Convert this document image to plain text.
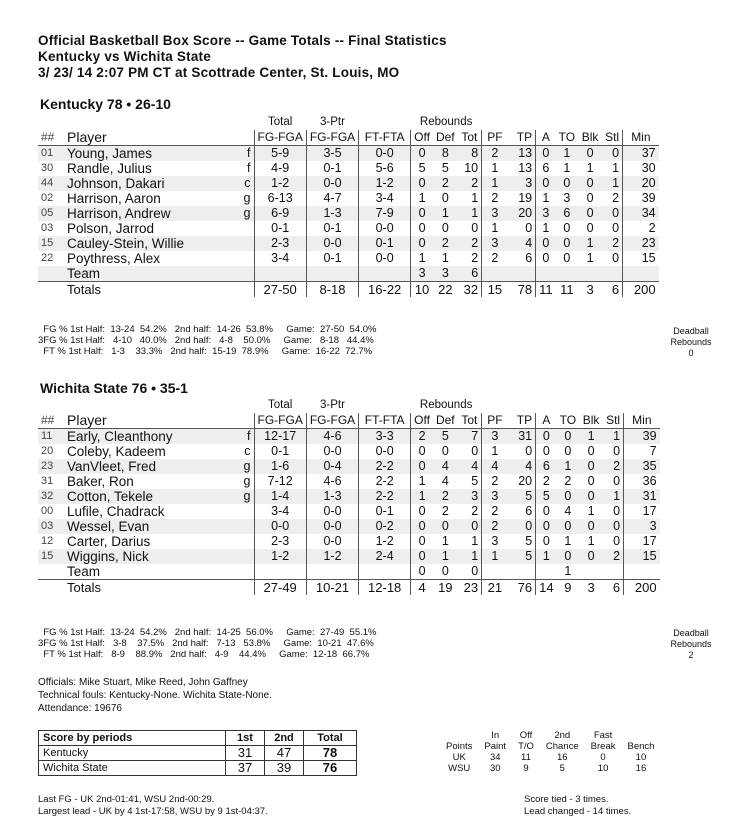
Official Basketball Box Score -- Game Totals -- Final Statistics
Kentucky vs Wichita State
3/ 23/ 14 2:07 PM CT at Scottrade Center, St. Louis, MO
Kentucky 78 • 26-10
			Total	3-Ptr		Rebounds									
##	Player		FG-FGA	FG-FGA	FT-FTA	Off	Def	Tot	PF	TP	A	TO	Blk	Stl	Min
01	Young, James	f	5-9	3-5	0-0	0	8	8	2	13	0	1	0	0	37
30	Randle, Julius	f	4-9	0-1	5-6	5	5	10	1	13	6	1	1	1	30
44	Johnson, Dakari	c	1-2	0-0	1-2	0	2	2	1	3	0	0	0	1	20
02	Harrison, Aaron	g	6-13	4-7	3-4	1	0	1	2	19	1	3	0	2	39
05	Harrison, Andrew	g	6-9	1-3	7-9	0	1	1	3	20	3	6	0	0	34
03	Polson, Jarrod		0-1	0-1	0-0	0	0	0	1	0	1	0	0	0	2
15	Cauley-Stein, Willie		2-3	0-0	0-1	0	2	2	3	4	0	0	1	2	23
22	Poythress, Alex		3-4	0-1	0-0	1	1	2	2	6	0	0	1	0	15
	Team					3	3	6							
	Totals		27-50	8-18	16-22	10	22	32	15	78	11	11	3	6	200
FG % 1st Half:  13-24  54.2%   2nd half:  14-26  53.8%     Game:  27-50  54.0%
3FG % 1st Half:   4-10   40.0%   2nd half:   4-8    50.0%     Game:   8-18   44.4%
FT % 1st Half:   1-3    33.3%   2nd half:  15-19  78.9%     Game:  16-22  72.7%
Deadball
Rebounds
0
Wichita State 76 • 35-1
			Total	3-Ptr		Rebounds									
##	Player		FG-FGA	FG-FGA	FT-FTA	Off	Def	Tot	PF	TP	A	TO	Blk	Stl	Min
11	Early, Cleanthony	f	12-17	4-6	3-3	2	5	7	3	31	0	0	1	1	39
20	Coleby, Kadeem	c	0-1	0-0	0-0	0	0	0	1	0	0	0	0	0	7
23	VanVleet, Fred	g	1-6	0-4	2-2	0	4	4	4	4	6	1	0	2	35
31	Baker, Ron	g	7-12	4-6	2-2	1	4	5	2	20	2	2	0	0	36
32	Cotton, Tekele	g	1-4	1-3	2-2	1	2	3	3	5	5	0	0	1	31
00	Lufile, Chadrack		3-4	0-0	0-1	0	2	2	2	6	0	4	1	0	17
03	Wessel, Evan		0-0	0-0	0-2	0	0	0	2	0	0	0	0	0	3
12	Carter, Darius		2-3	0-0	1-2	0	1	1	3	5	0	1	1	0	17
15	Wiggins, Nick		1-2	1-2	2-4	0	1	1	1	5	1	0	0	2	15
	Team					0	0	0				1			
	Totals		27-49	10-21	12-18	4	19	23	21	76	14	9	3	6	200
FG % 1st Half:  13-24  54.2%   2nd half:  14-25  56.0%     Game:  27-49  55.1%
3FG % 1st Half:   3-8    37.5%   2nd half:   7-13   53.8%     Game:  10-21  47.6%
FT % 1st Half:   8-9    88.9%   2nd half:   4-9    44.4%     Game:  12-18  66.7%
Deadball
Rebounds
2
Officials: Mike Stuart, Mike Reed, John Gaffney
Technical fouls: Kentucky-None. Wichita State-None.
Attendance: 19676
Score by periods	1st	2nd	Total
Kentucky	31	47	78
Wichita State	37	39	76
	In	Off	2nd	Fast	
Points	Paint	T/O	Chance	Break	Bench
UK	34	11	16	0	10
WSU	30	9	5	10	16
Last FG - UK 2nd-01:41, WSU 2nd-00:29.
Largest lead - UK by 4 1st-17:58, WSU by 9 1st-04:37.
Score tied - 3 times.
Lead changed - 14 times.
